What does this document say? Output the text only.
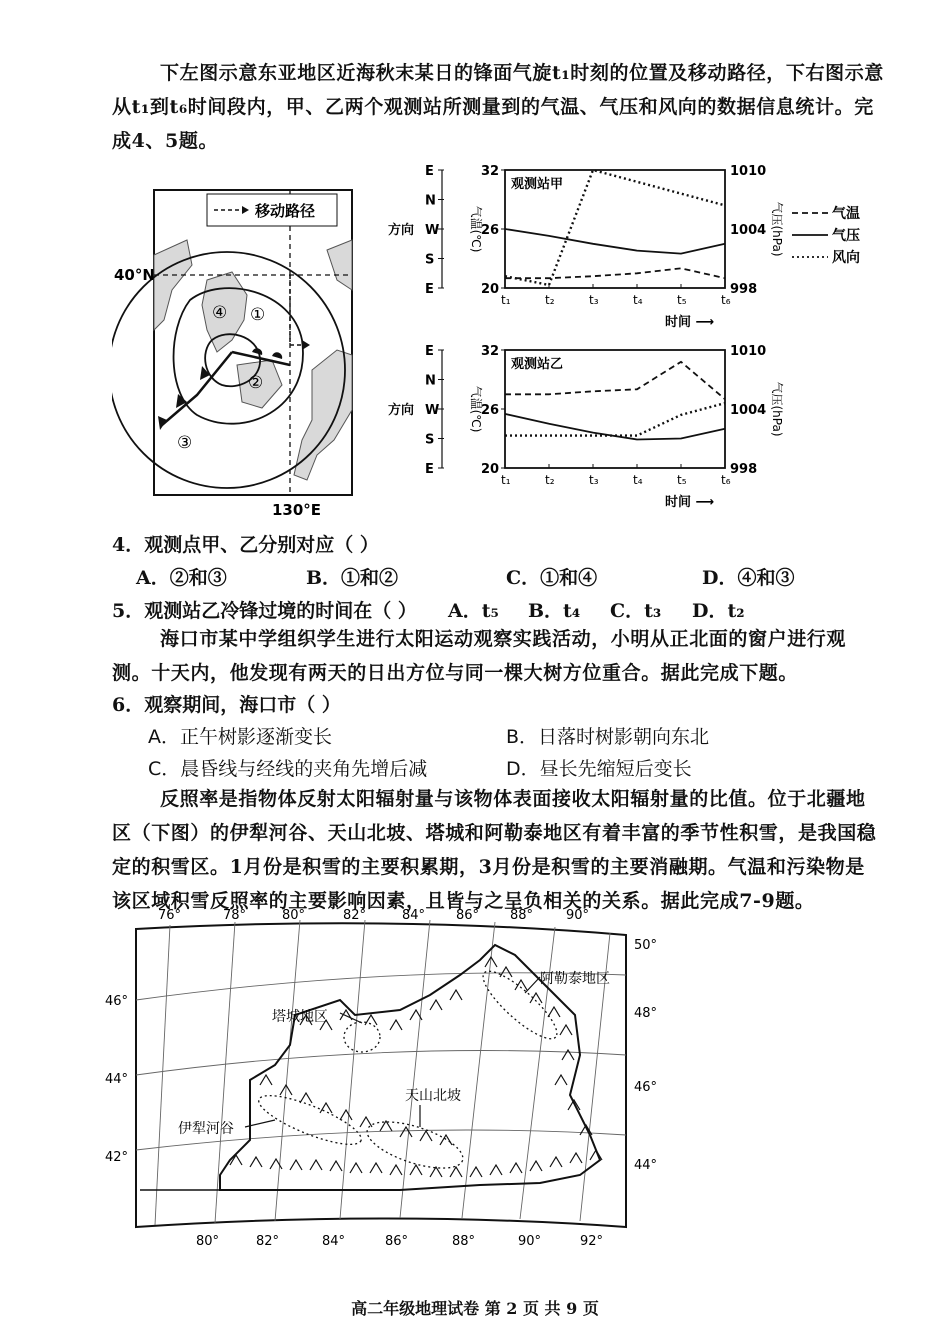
下左图示意东亚地区近海秋末某日的锋面气旋t₁时刻的位置及移动路径，下右图示意从t₁到t₆时间段内，甲、乙两个观测站所测量到的气温、气压和风向的数据信息统计。完成4、5题。
移动路径
④ ①
②
③
40°N
130°E
观测站甲
32
26
20
1010
1004
998
E
N
W
S
E
方向	气温(℃)	气压(hPa)
t₁	t₂	t₃	t₄	t₅	t₆
时间 ⟶
观测站乙
32
26
20
1010
1004
998
E
N
W
S
E
方向	气温(℃)	气压(hPa)
t₁	t₂	t₃	t₄	t₅	t₆
时间 ⟶
气温
气压
风向
4．观测点甲、乙分别对应（ ）
A．②和③	B．①和②	C．①和④	D．④和③
5．观测站乙冷锋过境的时间在（ ） A．t₅ B．t₄ C．t₃ D．t₂
海口市某中学组织学生进行太阳运动观察实践活动，小明从正北面的窗户进行观测。十天内，他发现有两天的日出方位与同一棵大树方位重合。据此完成下题。
6．观察期间，海口市（ ）
A．正午树影逐渐变长	B．日落时树影朝向东北
C．晨昏线与经线的夹角先增后减	D．昼长先缩短后变长
反照率是指物体反射太阳辐射量与该物体表面接收太阳辐射量的比值。位于北疆地区（下图）的伊犁河谷、天山北坡、塔城和阿勒泰地区有着丰富的季节性积雪，是我国稳定的积雪区。1月份是积雪的主要积累期，3月份是积雪的主要消融期。气温和污染物是该区域积雪反照率的主要影响因素，且皆与之呈负相关的关系。据此完成7-9题。
塔城地区
阿勒泰地区
天山北坡
伊犁河谷
76°	78°	80°	82°	84° 86° 88°	90°
80°	82°	84°	86°	88°	90°	92°
46°
44°
42°
50°
48°
46°
44°
高二年级地理试卷 第 2 页 共 9 页
